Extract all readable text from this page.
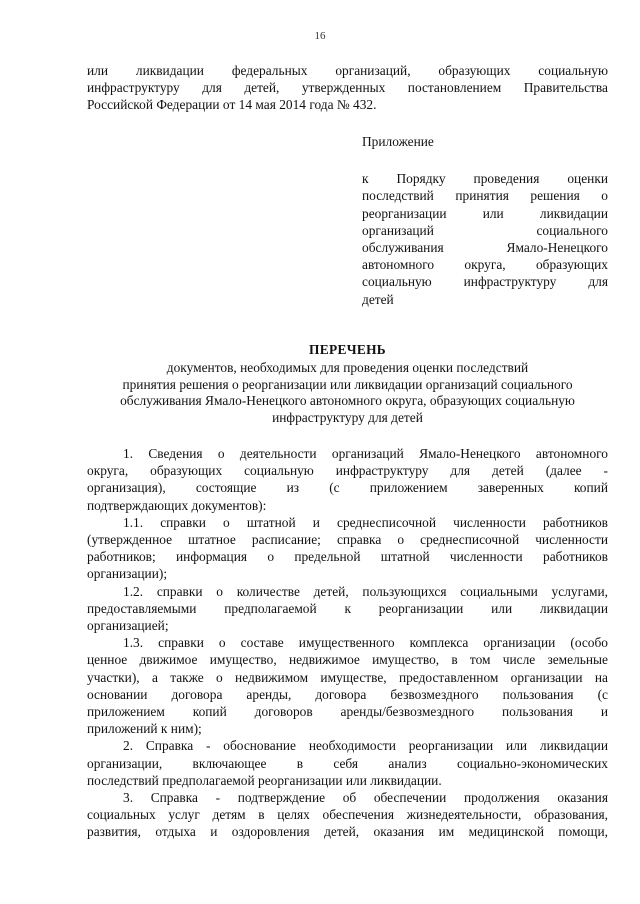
16
или ликвидации федеральных организаций, образующих социальную
инфраструктуру для детей, утвержденных постановлением Правительства
Российской Федерации от 14 мая 2014 года № 432.
Приложение
к Порядку проведения оценки
последствий принятия решения о
реорганизации или ликвидации
организаций социального
обслуживания Ямало-Ненецкого
автономного округа, образующих
социальную инфраструктуру для
детей
ПЕРЕЧЕНЬ
документов, необходимых для проведения оценки последствий
принятия решения о реорганизации или ликвидации организаций социального
обслуживания Ямало-Ненецкого автономного округа, образующих социальную
инфраструктуру для детей
1. Сведения о деятельности организаций Ямало-Ненецкого автономного
округа, образующих социальную инфраструктуру для детей (далее -
организация), состоящие из (с приложением заверенных копий
подтверждающих документов):
1.1. справки о штатной и среднесписочной численности работников
(утвержденное штатное расписание; справка о среднесписочной численности
работников; информация о предельной штатной численности работников
организации);
1.2. справки о количестве детей, пользующихся социальными услугами,
предоставляемыми предполагаемой к реорганизации или ликвидации
организацией;
1.3. справки о составе имущественного комплекса организации (особо
ценное движимое имущество, недвижимое имущество, в том числе земельные
участки), а также о недвижимом имуществе, предоставленном организации на
основании договора аренды, договора безвозмездного пользования (с
приложением копий договоров аренды/безвозмездного пользования и
приложений к ним);
2. Справка - обоснование необходимости реорганизации или ликвидации
организации, включающее в себя анализ социально-экономических
последствий предполагаемой реорганизации или ликвидации.
3. Справка - подтверждение об обеспечении продолжения оказания
социальных услуг детям в целях обеспечения жизнедеятельности, образования,
развития, отдыха и оздоровления детей, оказания им медицинской помощи,
